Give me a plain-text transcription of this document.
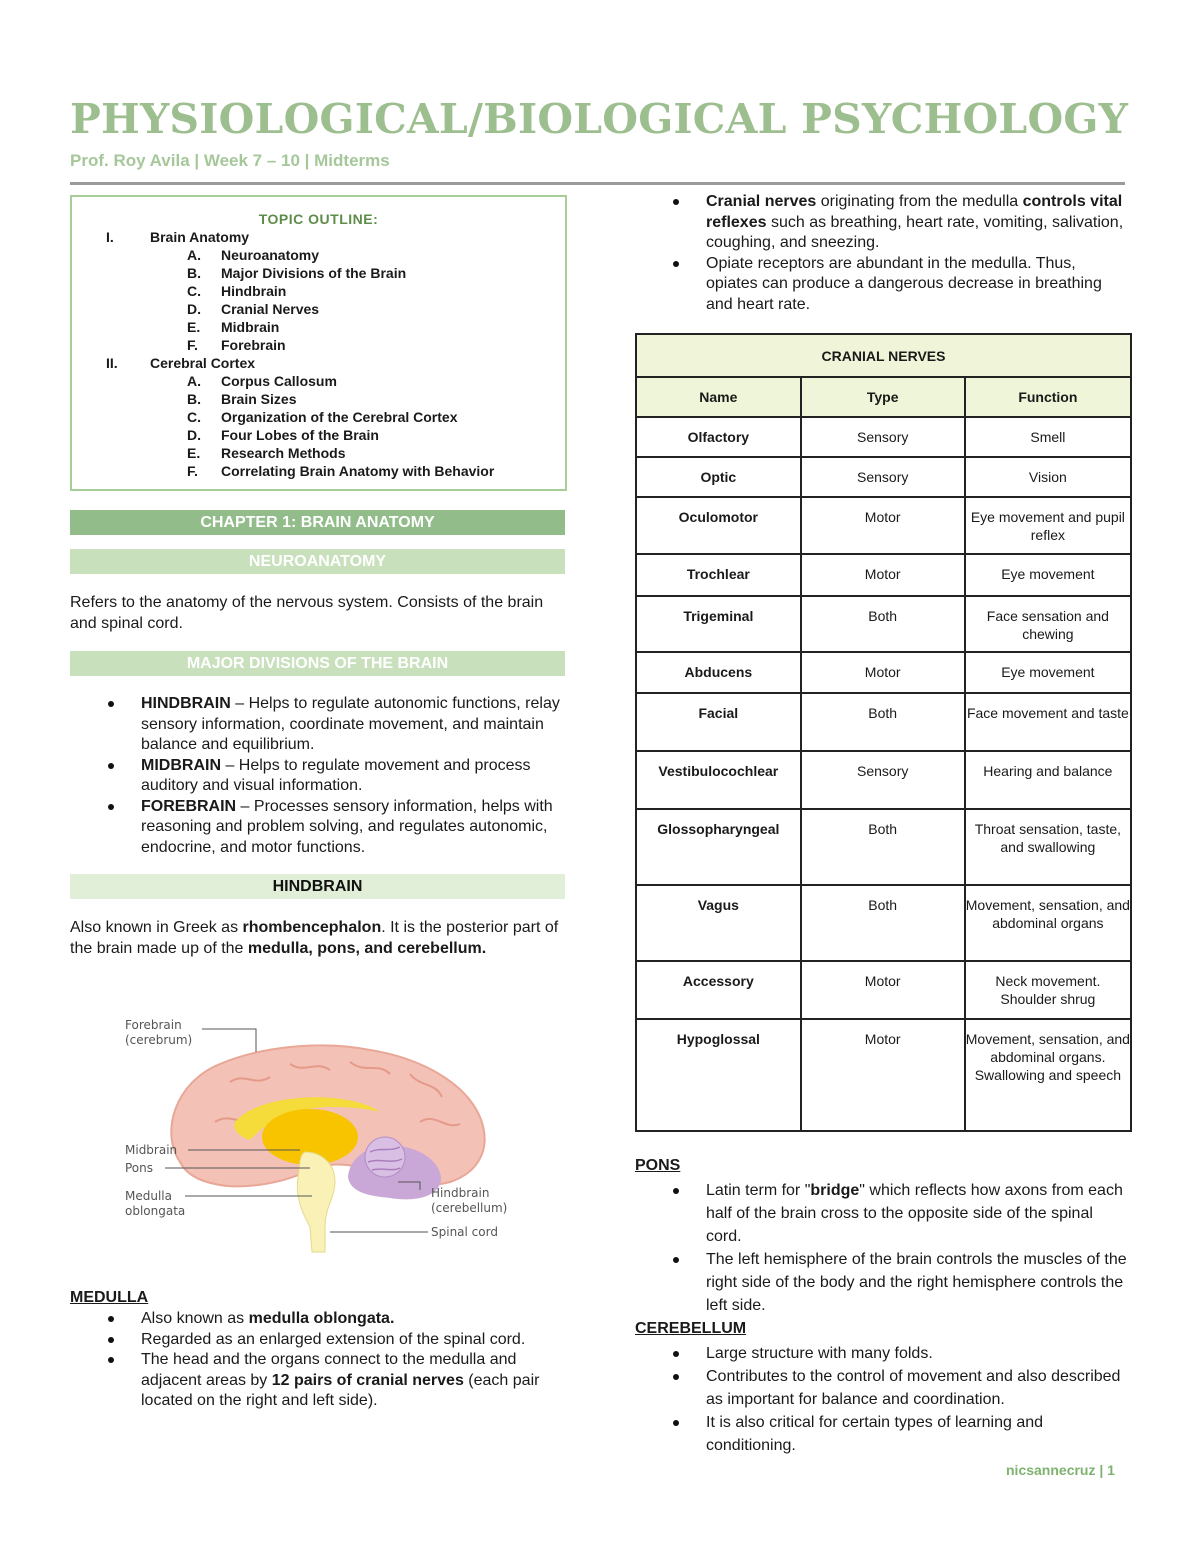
PHYSIOLOGICAL/BIOLOGICAL PSYCHOLOGY
Prof. Roy Avila | Week 7 – 10 | Midterms
TOPIC OUTLINE:
I.	Brain Anatomy
A. Neuroanatomy
B. Major Divisions of the Brain
C. Hindbrain
D. Cranial Nerves
E. Midbrain
F. Forebrain
II. Cerebral Cortex
A. Corpus Callosum
B. Brain Sizes
C. Organization of the Cerebral Cortex
D. Four Lobes of the Brain
E. Research Methods
F. Correlating Brain Anatomy with Behavior
CHAPTER 1: BRAIN ANATOMY
NEUROANATOMY
Refers to the anatomy of the nervous system. Consists of the brain and spinal cord.
MAJOR DIVISIONS OF THE BRAIN
HINDBRAIN – Helps to regulate autonomic functions, relay sensory information, coordinate movement, and maintain balance and equilibrium.
MIDBRAIN – Helps to regulate movement and process auditory and visual information.
FOREBRAIN – Processes sensory information, helps with reasoning and problem solving, and regulates autonomic, endocrine, and motor functions.
HINDBRAIN
Also known in Greek as rhombencephalon. It is the posterior part of the brain made up of the medulla, pons, and cerebellum.
Forebrain
(cerebrum)
Midbrain
Pons
Medulla
oblongata
Hindbrain
(cerebellum)
Spinal cord
MEDULLA
Also known as medulla oblongata.
Regarded as an enlarged extension of the spinal cord.
The head and the organs connect to the medulla and adjacent areas by 12 pairs of cranial nerves (each pair located on the right and left side).
Cranial nerves originating from the medulla controls vital reflexes such as breathing, heart rate, vomiting, salivation, coughing, and sneezing.
Opiate receptors are abundant in the medulla. Thus, opiates can produce a dangerous decrease in breathing and heart rate.
CRANIAL NERVES		
Name	Type	Function
Olfactory	Sensory	Smell
Optic	Sensory	Vision
Oculomotor	Motor	Eye movement and pupil reflex
Trochlear	Motor	Eye movement
Trigeminal	Both	Face sensation and chewing
Abducens	Motor	Eye movement
Facial	Both	Face movement and taste
Vestibulocochlear	Sensory	Hearing and balance
Glossopharyngeal	Both	Throat sensation, taste, and swallowing
Vagus	Both	Movement, sensation, and abdominal organs
Accessory	Motor	Neck movement. Shoulder shrug
Hypoglossal	Motor	Movement, sensation, and abdominal organs. Swallowing and speech
PONS
Latin term for "bridge" which reflects how axons from each half of the brain cross to the opposite side of the spinal cord.
The left hemisphere of the brain controls the muscles of the right side of the body and the right hemisphere controls the left side.
CEREBELLUM
Large structure with many folds.
Contributes to the control of movement and also described as important for balance and coordination.
It is also critical for certain types of learning and conditioning.
nicsannecruz | 1
